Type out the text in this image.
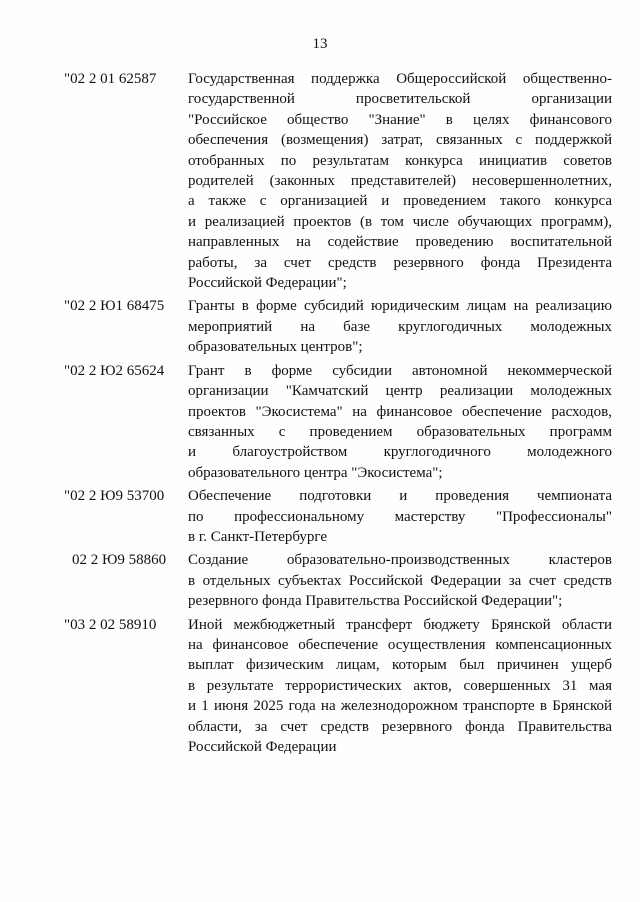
13
"02 2 01 62587	Государственная поддержка Общероссийской общественно-
государственной просветительской организации
"Российское общество "Знание" в целях финансового
обеспечения (возмещения) затрат, связанных с поддержкой
отобранных по результатам конкурса инициатив советов
родителей (законных представителей) несовершеннолетних,
а также с организацией и проведением такого конкурса
и реализацией проектов (в том числе обучающих программ),
направленных на содействие проведению воспитательной
работы, за счет средств резервного фонда Президента
Российской Федерации";
"02 2 Ю1 68475	Гранты в форме субсидий юридическим лицам на реализацию
мероприятий на базе круглогодичных молодежных
образовательных центров";
"02 2 Ю2 65624	Грант в форме субсидии автономной некоммерческой
организации "Камчатский центр реализации молодежных
проектов "Экосистема" на финансовое обеспечение расходов,
связанных с проведением образовательных программ
и благоустройством круглогодичного молодежного
образовательного центра "Экосистема";
"02 2 Ю9 53700	Обеспечение подготовки и проведения чемпионата
по профессиональному мастерству "Профессионалы"
в г. Санкт-Петербурге
02 2 Ю9 58860	Создание образовательно-производственных кластеров
в отдельных субъектах Российской Федерации за счет средств
резервного фонда Правительства Российской Федерации";
"03 2 02 58910	Иной межбюджетный трансферт бюджету Брянской области
на финансовое обеспечение осуществления компенсационных
выплат физическим лицам, которым был причинен ущерб
в результате террористических актов, совершенных 31 мая
и 1 июня 2025 года на железнодорожном транспорте в Брянской
области, за счет средств резервного фонда Правительства
Российской Федерации
